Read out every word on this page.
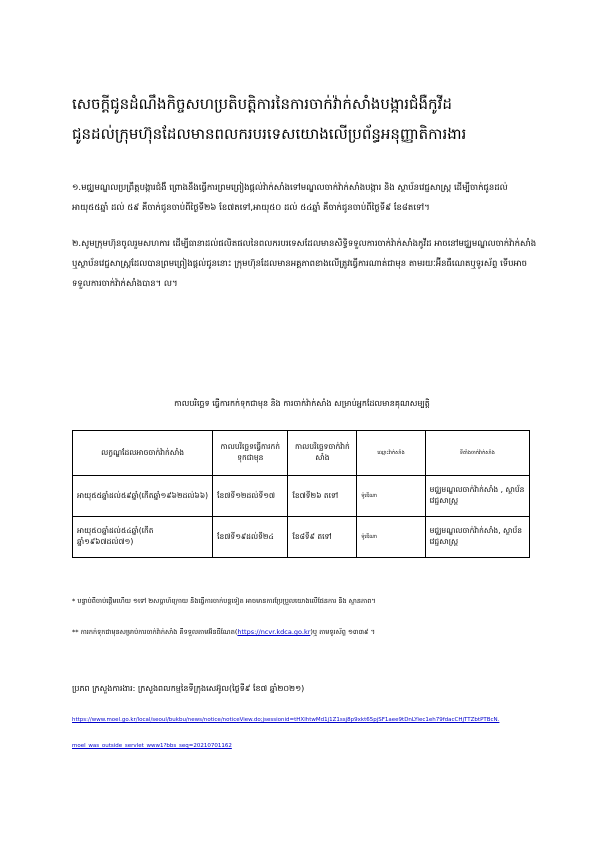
សេចក្ដីជូនដំណឹងកិច្ចសហប្រតិបត្តិការនៃការចាក់វ៉ាក់សាំងបង្ការជំងឺកូវីដ
ជូនដល់ក្រុមហ៊ុនដែលមានពលករបរទេសយោងលើប្រព័ន្ធអនុញ្ញាតិការងារ
១.មជ្ឈមណ្ឌលប្រព្រឹត្តបង្ការជំងឺ ព្រោងនឹងធ្វើការព្រមព្រៀងផ្ដល់វ៉ាក់សាំងទៅមណ្ឌលចាក់វ៉ាក់សាំងបង្ការ និង ស្ថាប័នវេជ្ជសាស្ត្រ ដើម្បីចាក់ជូនដល់ អាយុ៥៥ឆ្នាំ ដល់ ៥៩ គឺចាក់ជូនចាប់ពីថ្ងៃទី២៦ ខែ៧តទៅ,អាយុ៥០ ដល់ ៥៤ឆ្នាំ គឺចាក់ជូនចាប់ពីថ្ងៃទី៩ ខែ៨តទៅ។
២.សូមក្រុមហ៊ុនចូលរួមសហការ ដើម្បីធានាដល់ផលិតផលនៃពលករបរទេសដែលមានសិទ្ធិទទួលការចាក់វ៉ាក់សាំងកូវីដ អាចនៅមជ្ឈមណ្ឌលចាក់វ៉ាក់សាំង ឬស្ថាប័នវេជ្ជសាស្ត្រដែលបានព្រមព្រៀងផ្ដល់ជូននោះ ក្រុមហ៊ុនដែលមានអគ្គភាពខាងលើត្រូវធ្វើការណាត់ជាមុន តាមរយៈអ៊ីនធឺណេតឬទូរស័ព្ទ ទើបអាចទទួលការចាក់វ៉ាក់សាំងបាន។ ល។
កាលបរិច្ឆេទ ធ្វើការកក់ទុកជាមុន និង ការចាក់វ៉ាក់សាំង សម្រាប់អ្នកដែលមានគុណសម្បត្តិ
លក្ខណ្ឌដែលអាចចាក់វ៉ាក់សាំង	កាលបរិច្ឆេទធ្វើការកក់ទុកជាមុន	កាលបរិច្ឆេទចាក់វ៉ាក់សាំង	ឈ្មោះវ៉ាក់សាំង	ទីតាំងចាក់វ៉ាក់សាំង
អាយុ៥៥ឆ្នាំដល់៥៩ឆ្នាំ(កើតឆ្នាំ១៩៦២ដល់៦៦)	ខែ៧ទី១២ដល់ទី១៧	ខែ៧ទី២៦ តទៅ	ម៉ូឌើណា	មជ្ឈមណ្ឌលចាក់វ៉ាក់សាំង , ស្ថាប័នវេជ្ជសាស្ត្រ
អាយុ៥០ឆ្នាំដល់៥៤ឆ្នាំ(កើតឆ្នាំ១៩៦៧ដល់៧១)	ខែ៧ទី១៩ដល់ទី២៤	ខែ៨ទី៩ តទៅ	ម៉ូឌើណា	មជ្ឈមណ្ឌលចាក់វ៉ាក់សាំង, ស្ថាប័នវេជ្ជសាស្ត្រ
* បន្ទាប់ពីចាប់ផ្ដើមហើយ ១ទៅ ២សប្ដាហ៍ក្រោយ និងធ្វើការចាក់បន្តទៀត អាចមានការប្រែប្រួលយោងលើផែនការ និង ស្ថានភាព។
** ការកក់ទុកជាមុនសម្រាប់ការចាក់វ៉ាក់សាំង គឺទទួលតាមអ៊ីនធឺណែត(https://ncvr.kdca.go.kr)ឬ តាមទូរស័ព្ទ ១៣៣៩ ។
ប្រភព ក្រសួងការងារ: ក្រសួងពលកម្មនៃទីក្រុងសេអ៊ូល(ថ្ងៃទី៩ ខែ៧ ឆ្នាំ២០២១)
https://www.moel.go.kr/local/seoul/bukbu/news/notice/noticeView.do;jsessionid=tHXlhtwMd1j1Z1ssj8p9xkt65pjSF1aee9tDnLYiec1eh79fdacCHjTTZbtPTBcN.
moel_was_outside_servlet_www1?bbs_seq=20210701162
